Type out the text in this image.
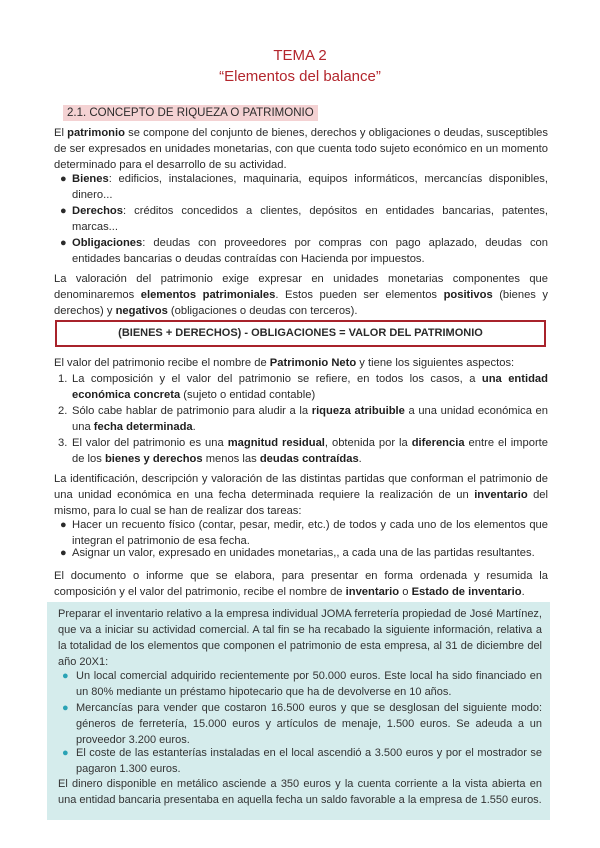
TEMA 2
“Elementos del balance”
2.1. CONCEPTO DE RIQUEZA O PATRIMONIO

El patrimonio se compone del conjunto de bienes, derechos y obligaciones o deudas, susceptibles de ser expresados en unidades monetarias, con que cuenta todo sujeto económico en un momento determinado para el desarrollo de su actividad.

● Bienes: edificios, instalaciones, maquinaria, equipos informáticos, mercancías disponibles, dinero...

● Derechos: créditos concedidos a clientes, depósitos en entidades bancarias, patentes, marcas...

● Obligaciones: deudas con proveedores por compras con pago aplazado, deudas con entidades bancarias o deudas contraídas con Hacienda por impuestos.

La valoración del patrimonio exige expresar en unidades monetarias componentes que denominaremos elementos patrimoniales. Estos pueden ser elementos positivos (bienes y derechos) y negativos (obligaciones o deudas con terceros).

(BIENES + DERECHOS) - OBLIGACIONES = VALOR DEL PATRIMONIO

El valor del patrimonio recibe el nombre de Patrimonio Neto y tiene los siguientes aspectos:

1. La composición y el valor del patrimonio se refiere, en todos los casos, a una entidad económica concreta (sujeto o entidad contable)

2. Sólo cabe hablar de patrimonio para aludir a la riqueza atribuible a una unidad económica en una fecha determinada.

3. El valor del patrimonio es una magnitud residual, obtenida por la diferencia entre el importe de los bienes y derechos menos las deudas contraídas.

La identificación, descripción y valoración de las distintas partidas que conforman el patrimonio de una unidad económica en una fecha determinada requiere la realización de un inventario del mismo, para lo cual se han de realizar dos tareas:

● Hacer un recuento físico (contar, pesar, medir, etc.) de todos y cada uno de los elementos que integran el patrimonio de esa fecha.

● Asignar un valor, expresado en unidades monetarias,, a cada una de las partidas resultantes.

El documento o informe que se elabora, para presentar en forma ordenada y resumida la composición y el valor del patrimonio, recibe el nombre de inventario o Estado de inventario.

Preparar el inventario relativo a la empresa individual JOMA ferretería propiedad de José Martínez, que va a iniciar su actividad comercial. A tal fin se ha recabado la siguiente información, relativa a la totalidad de los elementos que componen el patrimonio de esta empresa, al 31 de diciembre del año 20X1:

● Un local comercial adquirido recientemente por 50.000 euros. Este local ha sido financiado en un 80% mediante un préstamo hipotecario que ha de devolverse en 10 años.

● Mercancías para vender que costaron 16.500 euros y que se desglosan del siguiente modo: géneros de ferretería, 15.000 euros y artículos de menaje, 1.500 euros. Se adeuda a un proveedor 3.200 euros.

● El coste de las estanterías instaladas en el local ascendió a 3.500 euros y por el mostrador se pagaron 1.300 euros.

El dinero disponible en metálico asciende a 350 euros y la cuenta corriente a la vista abierta en una entidad bancaria presentaba en aquella fecha un saldo favorable a la empresa de 1.550 euros.
